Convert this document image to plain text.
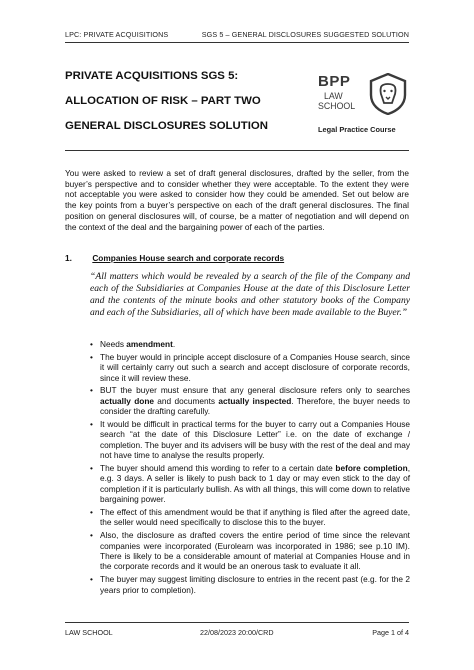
LPC: PRIVATE ACQUISITIONS	SGS 5 – GENERAL DISCLOSURES SUGGESTED SOLUTION
PRIVATE ACQUISITIONS SGS 5:
ALLOCATION OF RISK – PART TWO
GENERAL DISCLOSURES SOLUTION
BPP
LAW
SCHOOL
Legal Practice Course

You were asked to review a set of draft general disclosures, drafted by the seller, from the buyer’s perspective and to consider whether they were acceptable. To the extent they were not acceptable you were asked to consider how they could be amended. Set out below are the key points from a buyer’s perspective on each of the draft general disclosures. The final position on general disclosures will, of course, be a matter of negotiation and will depend on the context of the deal and the bargaining power of each of the parties.

1. Companies House search and corporate records

“All matters which would be revealed by a search of the file of the Company and each of the Subsidiaries at Companies House at the date of this Disclosure Letter and the contents of the minute books and other statutory books of the Company and each of the Subsidiaries, all of which have been made available to the Buyer.”

• Needs amendment.
• The buyer would in principle accept disclosure of a Companies House search, since it will certainly carry out such a search and accept disclosure of corporate records, since it will review these.
• BUT the buyer must ensure that any general disclosure refers only to searches actually done and documents actually inspected. Therefore, the buyer needs to consider the drafting carefully.
• It would be difficult in practical terms for the buyer to carry out a Companies House search “at the date of this Disclosure Letter” i.e. on the date of exchange / completion. The buyer and its advisers will be busy with the rest of the deal and may not have time to analyse the results properly.
• The buyer should amend this wording to refer to a certain date before completion, e.g. 3 days. A seller is likely to push back to 1 day or may even stick to the day of completion if it is particularly bullish. As with all things, this will come down to relative bargaining power.
• The effect of this amendment would be that if anything is filed after the agreed date, the seller would need specifically to disclose this to the buyer.
• Also, the disclosure as drafted covers the entire period of time since the relevant companies were incorporated (Eurolearn was incorporated in 1986; see p.10 IM). There is likely to be a considerable amount of material at Companies House and in the corporate records and it would be an onerous task to evaluate it all.
• The buyer may suggest limiting disclosure to entries in the recent past (e.g. for the 2 years prior to completion).
LAW SCHOOL	22/08/2023 20:00/CRD	Page 1 of 4
